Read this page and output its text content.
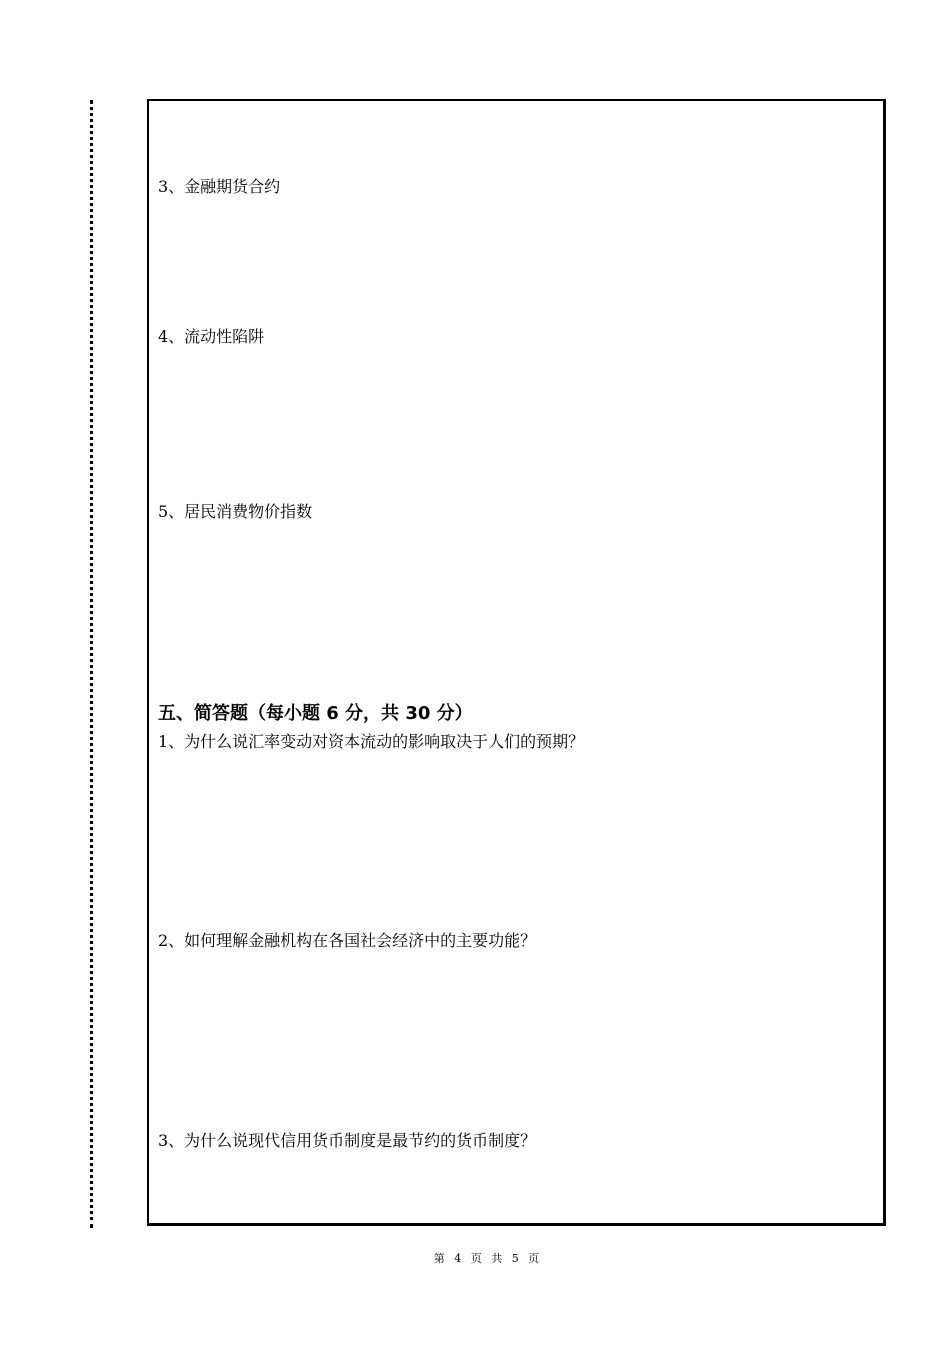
3、金融期货合约
4、流动性陷阱
5、居民消费物价指数
五、简答题（每小题 6 分，共 30 分）
1、为什么说汇率变动对资本流动的影响取决于人们的预期？
2、如何理解金融机构在各国社会经济中的主要功能？
3、为什么说现代信用货币制度是最节约的货币制度？
第 4 页 共 5 页
